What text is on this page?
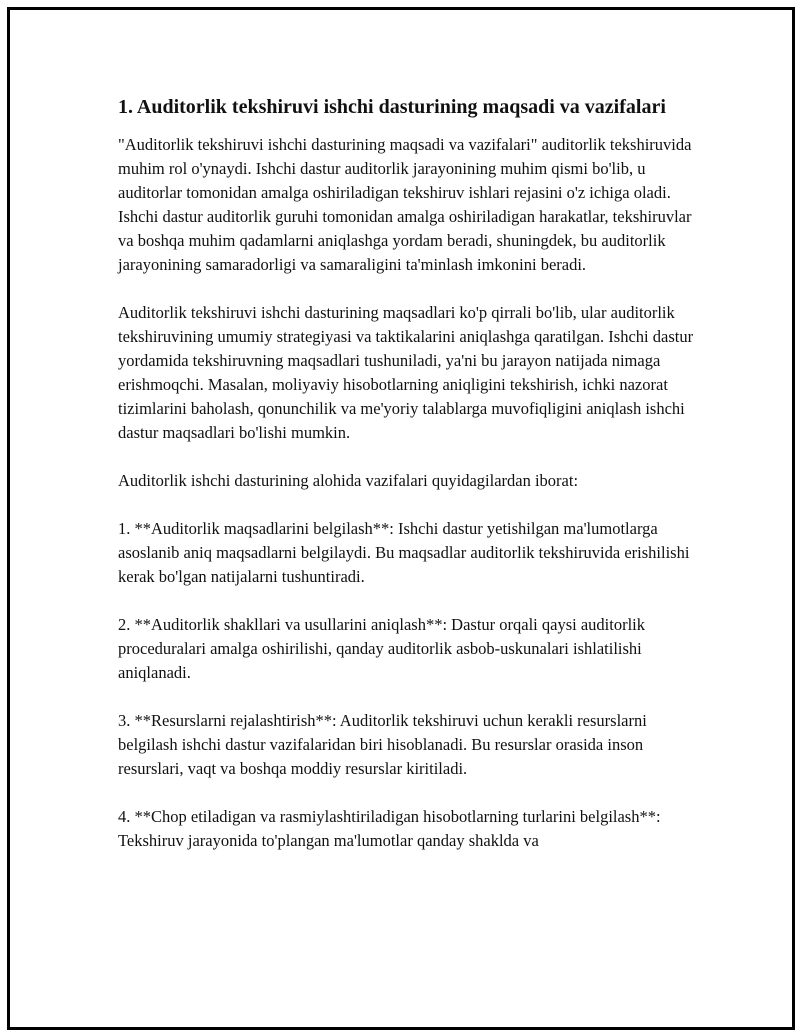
1. Auditorlik tekshiruvi ishchi dasturining maqsadi va vazifalari

"Auditorlik tekshiruvi ishchi dasturining maqsadi va vazifalari" auditorlik tekshiruvida muhim rol o'ynaydi. Ishchi dastur auditorlik jarayonining muhim qismi bo'lib, u auditorlar tomonidan amalga oshiriladigan tekshiruv ishlari rejasini o'z ichiga oladi. Ishchi dastur auditorlik guruhi tomonidan amalga oshiriladigan harakatlar, tekshiruvlar va boshqa muhim qadamlarni aniqlashga yordam beradi, shuningdek, bu auditorlik jarayonining samaradorligi va samaraligini ta'minlash imkonini beradi.

Auditorlik tekshiruvi ishchi dasturining maqsadlari ko'p qirrali bo'lib, ular auditorlik tekshiruvining umumiy strategiyasi va taktikalarini aniqlashga qaratilgan. Ishchi dastur yordamida tekshiruvning maqsadlari tushuniladi, ya'ni bu jarayon natijada nimaga erishmoqchi. Masalan, moliyaviy hisobotlarning aniqligini tekshirish, ichki nazorat tizimlarini baholash, qonunchilik va me'yoriy talablarga muvofiqligini aniqlash ishchi dastur maqsadlari bo'lishi mumkin.

Auditorlik ishchi dasturining alohida vazifalari quyidagilardan iborat:

1. **Auditorlik maqsadlarini belgilash**: Ishchi dastur yetishilgan ma'lumotlarga asoslanib aniq maqsadlarni belgilaydi. Bu maqsadlar auditorlik tekshiruvida erishilishi kerak bo'lgan natijalarni tushuntiradi.

2. **Auditorlik shakllari va usullarini aniqlash**: Dastur orqali qaysi auditorlik proceduralari amalga oshirilishi, qanday auditorlik asbob-uskunalari ishlatilishi aniqlanadi.

3. **Resurslarni rejalashtirish**: Auditorlik tekshiruvi uchun kerakli resurslarni belgilash ishchi dastur vazifalaridan biri hisoblanadi. Bu resurslar orasida inson resurslari, vaqt va boshqa moddiy resurslar kiritiladi.

4. **Chop etiladigan va rasmiylashtiriladigan hisobotlarning turlarini belgilash**: Tekshiruv jarayonida to'plangan ma'lumotlar qanday shaklda va
